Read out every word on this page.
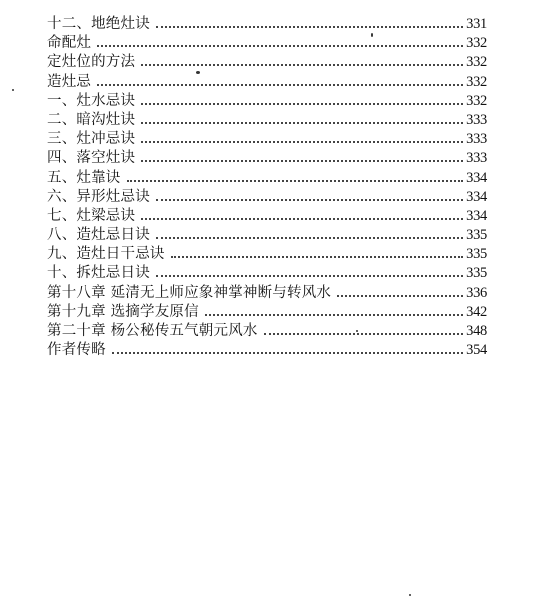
十二、地绝灶诀	331
命配灶	332
定灶位的方法	332
造灶忌	332
一、灶水忌诀	332
二、暗沟灶诀	333
三、灶冲忌诀	333
四、落空灶诀	333
五、灶靠诀	334
六、异形灶忌诀	334
七、灶梁忌诀	334
八、造灶忌日诀	335
九、造灶日干忌诀	335
十、拆灶忌日诀	335
第十八章 延清无上师应象神掌神断与转风水	336
第十九章 选摘学友原信	342
第二十章 杨公秘传五气朝元风水	348
作者传略	354
